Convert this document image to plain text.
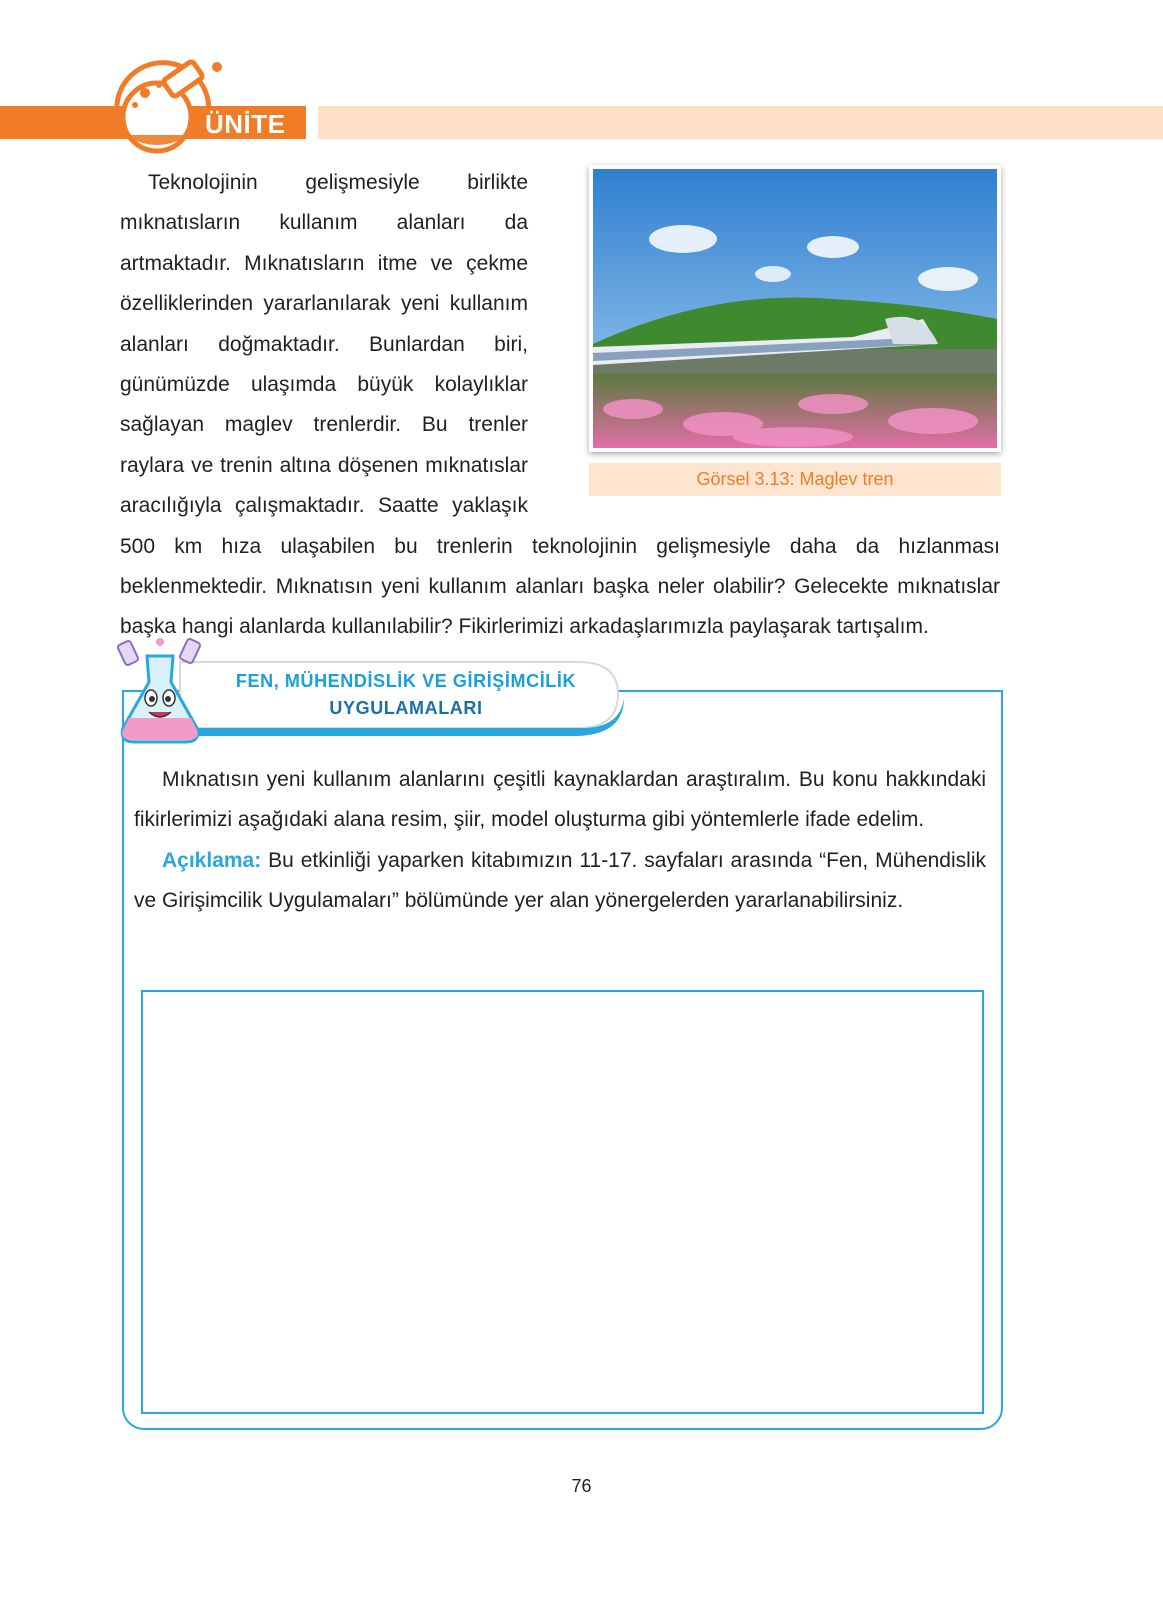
3.	ÜNİTE
Görsel 3.13: Maglev tren
Teknolojinin gelişmesiyle birlikte mıknatısların kullanım alanları da artmaktadır. Mıknatısların itme ve çekme özelliklerinden yararlanılarak yeni kullanım alanları doğmaktadır. Bunlardan biri, günümüzde ulaşımda büyük kolaylıklar sağlayan maglev trenlerdir. Bu trenler raylara ve trenin altına döşenen mıknatıslar aracılığıyla çalışmaktadır. Saatte yaklaşık 500 km hıza ulaşabilen bu trenlerin teknolojinin gelişmesiyle daha da hızlanması beklenmektedir. Mıknatısın yeni kullanım alanları başka neler olabilir? Gelecekte mıknatıslar başka hangi alanlarda kullanılabilir? Fikirlerimizi arkadaşlarımızla paylaşarak tartışalım.
FEN, MÜHENDİSLİK VE GİRİŞİMCİLİK
UYGULAMALARI

Mıknatısın yeni kullanım alanlarını çeşitli kaynaklardan araştıralım. Bu konu hakkındaki fikirlerimizi aşağıdaki alana resim, şiir, model oluşturma gibi yöntemlerle ifade edelim.

Açıklama: Bu etkinliği yaparken kitabımızın 11-17. sayfaları arasında “Fen, Mühendislik ve Girişimcilik Uygulamaları” bölümünde yer alan yönergelerden yararlanabilirsiniz.

76
